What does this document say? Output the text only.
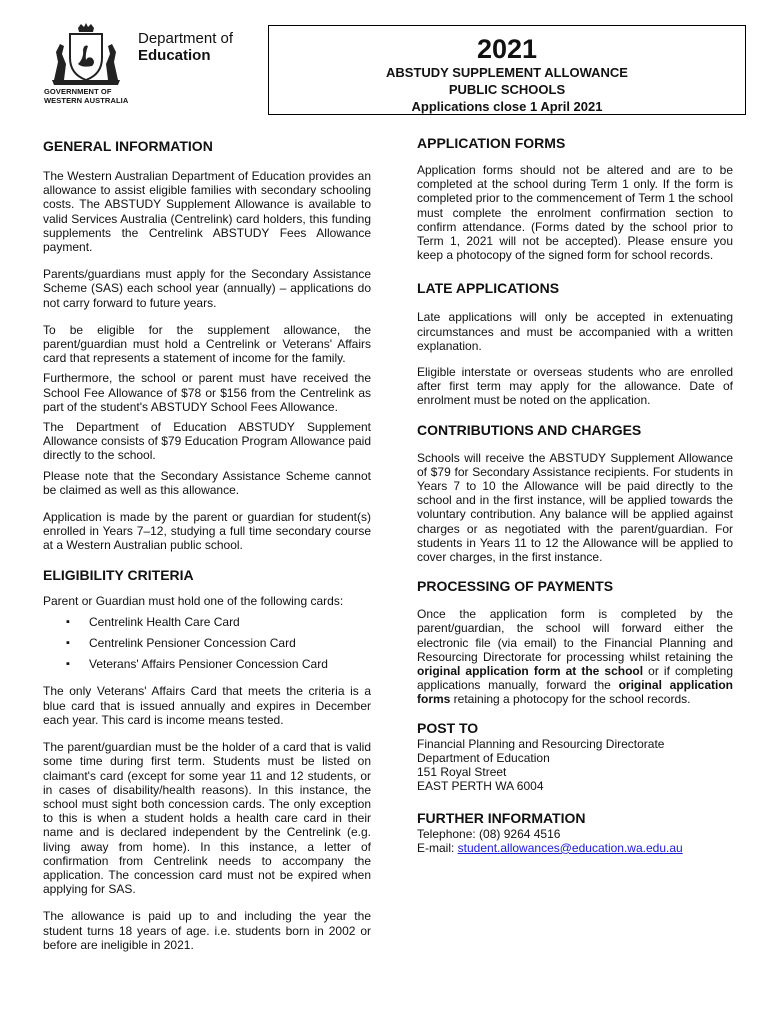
Department of
Education
GOVERNMENT OF
WESTERN AUSTRALIA
2021
ABSTUDY SUPPLEMENT ALLOWANCE
PUBLIC SCHOOLS
Applications close 1 April 2021
GENERAL INFORMATION

The Western Australian Department of Education provides an allowance to assist eligible families with secondary schooling costs. The ABSTUDY Supplement Allowance is available to valid Services Australia (Centrelink) card holders, this funding supplements the Centrelink ABSTUDY Fees Allowance payment.

Parents/guardians must apply for the Secondary Assistance Scheme (SAS) each school year (annually) – applications do not carry forward to future years.

To be eligible for the supplement allowance, the parent/guardian must hold a Centrelink or Veterans' Affairs card that represents a statement of income for the family.

Furthermore, the school or parent must have received the School Fee Allowance of $78 or $156 from the Centrelink as part of the student's ABSTUDY School Fees Allowance.

The Department of Education ABSTUDY Supplement Allowance consists of $79 Education Program Allowance paid directly to the school.

Please note that the Secondary Assistance Scheme cannot be claimed as well as this allowance.

Application is made by the parent or guardian for student(s) enrolled in Years 7–12, studying a full time secondary course at a Western Australian public school.

ELIGIBILITY CRITERIA

Parent or Guardian must hold one of the following cards:

▪ Centrelink Health Care Card
▪ Centrelink Pensioner Concession Card
▪ Veterans' Affairs Pensioner Concession Card

The only Veterans' Affairs Card that meets the criteria is a blue card that is issued annually and expires in December each year. This card is income means tested.

The parent/guardian must be the holder of a card that is valid some time during first term. Students must be listed on claimant's card (except for some year 11 and 12 students, or in cases of disability/health reasons). In this instance, the school must sight both concession cards. The only exception to this is when a student holds a health care card in their name and is declared independent by the Centrelink (e.g. living away from home). In this instance, a letter of confirmation from Centrelink needs to accompany the application. The concession card must not be expired when applying for SAS.

The allowance is paid up to and including the year the student turns 18 years of age. i.e. students born in 2002 or before are ineligible in 2021.

APPLICATION FORMS

Application forms should not be altered and are to be completed at the school during Term 1 only. If the form is completed prior to the commencement of Term 1 the school must complete the enrolment confirmation section to confirm attendance. (Forms dated by the school prior to Term 1, 2021 will not be accepted). Please ensure you keep a photocopy of the signed form for school records.

LATE APPLICATIONS

Late applications will only be accepted in extenuating circumstances and must be accompanied with a written explanation.

Eligible interstate or overseas students who are enrolled after first term may apply for the allowance. Date of enrolment must be noted on the application.

CONTRIBUTIONS AND CHARGES

Schools will receive the ABSTUDY Supplement Allowance of $79 for Secondary Assistance recipients. For students in Years 7 to 10 the Allowance will be paid directly to the school and in the first instance, will be applied towards the voluntary contribution. Any balance will be applied against charges or as negotiated with the parent/guardian. For students in Years 11 to 12 the Allowance will be applied to cover charges, in the first instance.

PROCESSING OF PAYMENTS

Once the application form is completed by the parent/guardian, the school will forward either the electronic file (via email) to the Financial Planning and Resourcing Directorate for processing whilst retaining the original application form at the school or if completing applications manually, forward the original application forms retaining a photocopy for the school records.

POST TO
Financial Planning and Resourcing Directorate
Department of Education
151 Royal Street
EAST PERTH WA 6004
FURTHER INFORMATION
Telephone: (08) 9264 4516
E-mail: student.allowances@education.wa.edu.au
